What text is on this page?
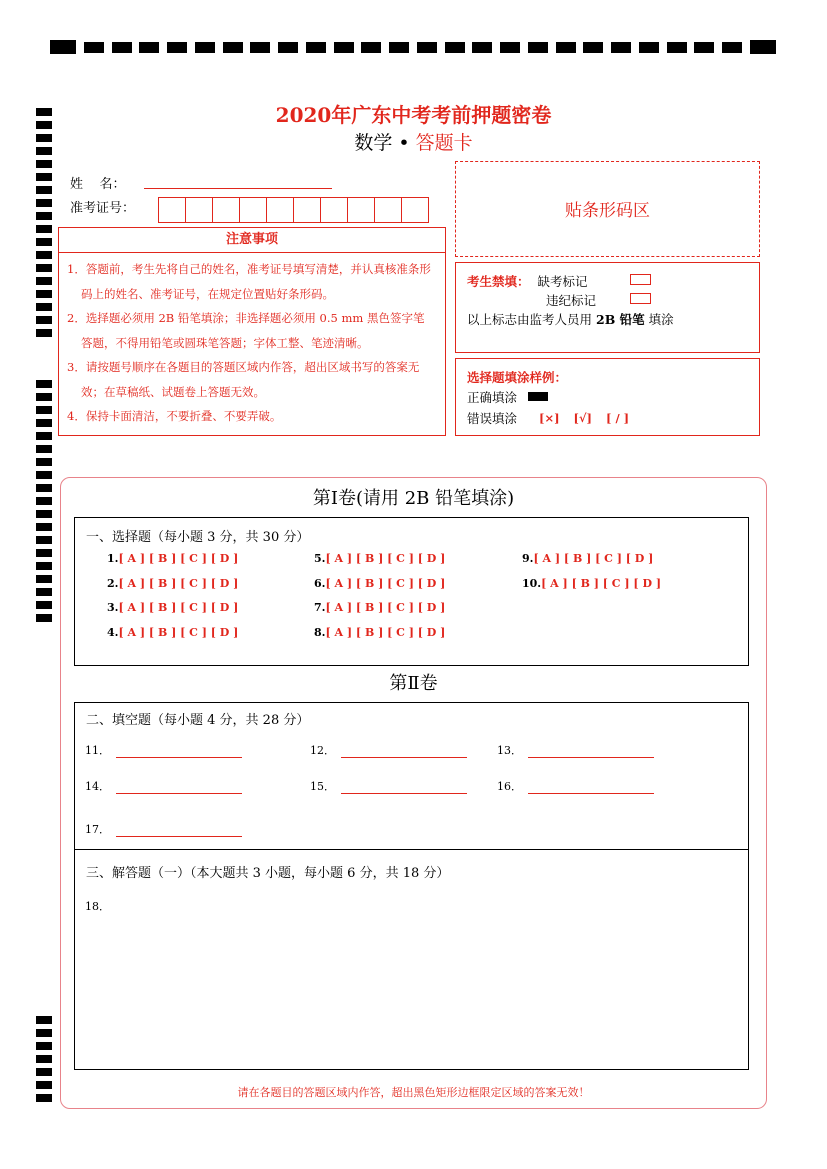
2020年广东中考考前押题密卷
数学 • 答题卡
姓    名：
准考证号：	贴条形码区
注意事项
1．答题前，考生先将自己的姓名，准考证号填写清楚，并认真核准条形码上的姓名、准考证号，在规定位置贴好条形码。
2．选择题必须用 2B 铅笔填涂；非选择题必须用 0.5 mm 黑色签字笔答题，不得用铅笔或圆珠笔答题；字体工整、笔迹清晰。
3．请按题号顺序在各题目的答题区域内作答，超出区域书写的答案无效；在草稿纸、试题卷上答题无效。
4．保持卡面清洁，不要折叠、不要弄破。
考生禁填： 缺考标记
违纪标记
以上标志由监考人员用 2B 铅笔 填涂
选择题填涂样例：
正确填涂
错误填涂 [×] [√] [ / ]
第Ⅰ卷(请用 2B 铅笔填涂)
一、选择题（每小题 3 分，共 30 分）
1.[ A ] [ B ] [ C ] [ D ]
2.[ A ] [ B ] [ C ] [ D ]
3.[ A ] [ B ] [ C ] [ D ]
4.[ A ] [ B ] [ C ] [ D ]
5.[ A ] [ B ] [ C ] [ D ]
6.[ A ] [ B ] [ C ] [ D ]
7.[ A ] [ B ] [ C ] [ D ]
8.[ A ] [ B ] [ C ] [ D ]
9.[ A ] [ B ] [ C ] [ D ]
10.[ A ] [ B ] [ C ] [ D ]
第Ⅱ卷
二、填空题（每小题 4 分，共 28 分）
三、解答题（一）（本大题共 3 小题，每小题 6 分，共 18 分）
11．	12．	13．
14．	15．	16．
17．
18．
请在各题目的答题区域内作答，超出黑色矩形边框限定区域的答案无效！
